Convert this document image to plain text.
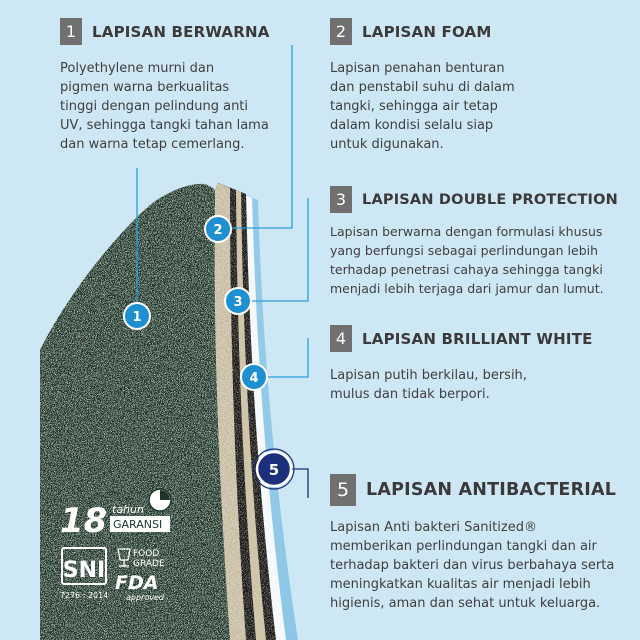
1
2
3
4
5
18 tahun
GARANSI
SNI
7276 : 2014
FOOD
GRADE
FDA
approved
1	LAPISAN BERWARNA
Polyethylene murni dan
pigmen warna berkualitas
tinggi dengan pelindung anti
UV, sehingga tangki tahan lama
dan warna tetap cemerlang.
2	LAPISAN FOAM
Lapisan penahan benturan
dan penstabil suhu di dalam
tangki, sehingga air tetap
dalam kondisi selalu siap
untuk digunakan.
3	LAPISAN DOUBLE PROTECTION
Lapisan berwarna dengan formulasi khusus
yang berfungsi sebagai perlindungan lebih
terhadap penetrasi cahaya sehingga tangki
menjadi lebih terjaga dari jamur dan lumut.
4	LAPISAN BRILLIANT WHITE
Lapisan putih berkilau, bersih,
mulus dan tidak berpori.
5 LAPISAN ANTIBACTERIAL
Lapisan Anti bakteri Sanitized®
memberikan perlindungan tangki dan air
terhadap bakteri dan virus berbahaya serta
meningkatkan kualitas air menjadi lebih
higienis, aman dan sehat untuk keluarga.
